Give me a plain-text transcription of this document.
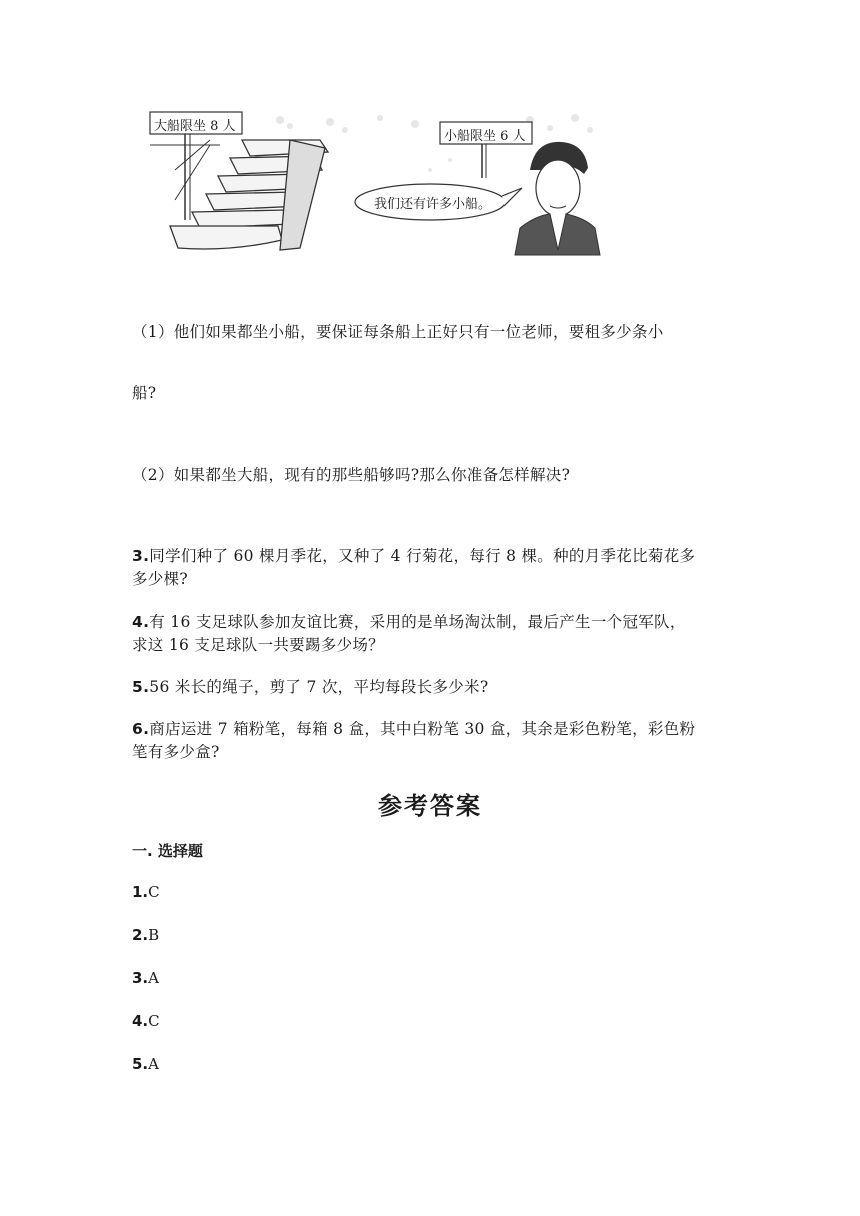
大船限坐 8 人
小船限坐 6 人
我们还有许多小船。
（1）他们如果都坐小船，要保证每条船上正好只有一位老师，要租多少条小
船?
（2）如果都坐大船，现有的那些船够吗?那么你准备怎样解决?
3.同学们种了 60 棵月季花，又种了 4 行菊花，每行 8 棵。种的月季花比菊花多
多少棵?
4.有 16 支足球队参加友谊比赛，采用的是单场淘汰制，最后产生一个冠军队，
求这 16 支足球队一共要踢多少场？
5.56 米长的绳子，剪了 7 次，平均每段长多少米?
6.商店运进 7 箱粉笔，每箱 8 盒，其中白粉笔 30 盒，其余是彩色粉笔，彩色粉
笔有多少盒?
参考答案
一. 选择题
1.C
2.B
3.A
4.C
5.A
